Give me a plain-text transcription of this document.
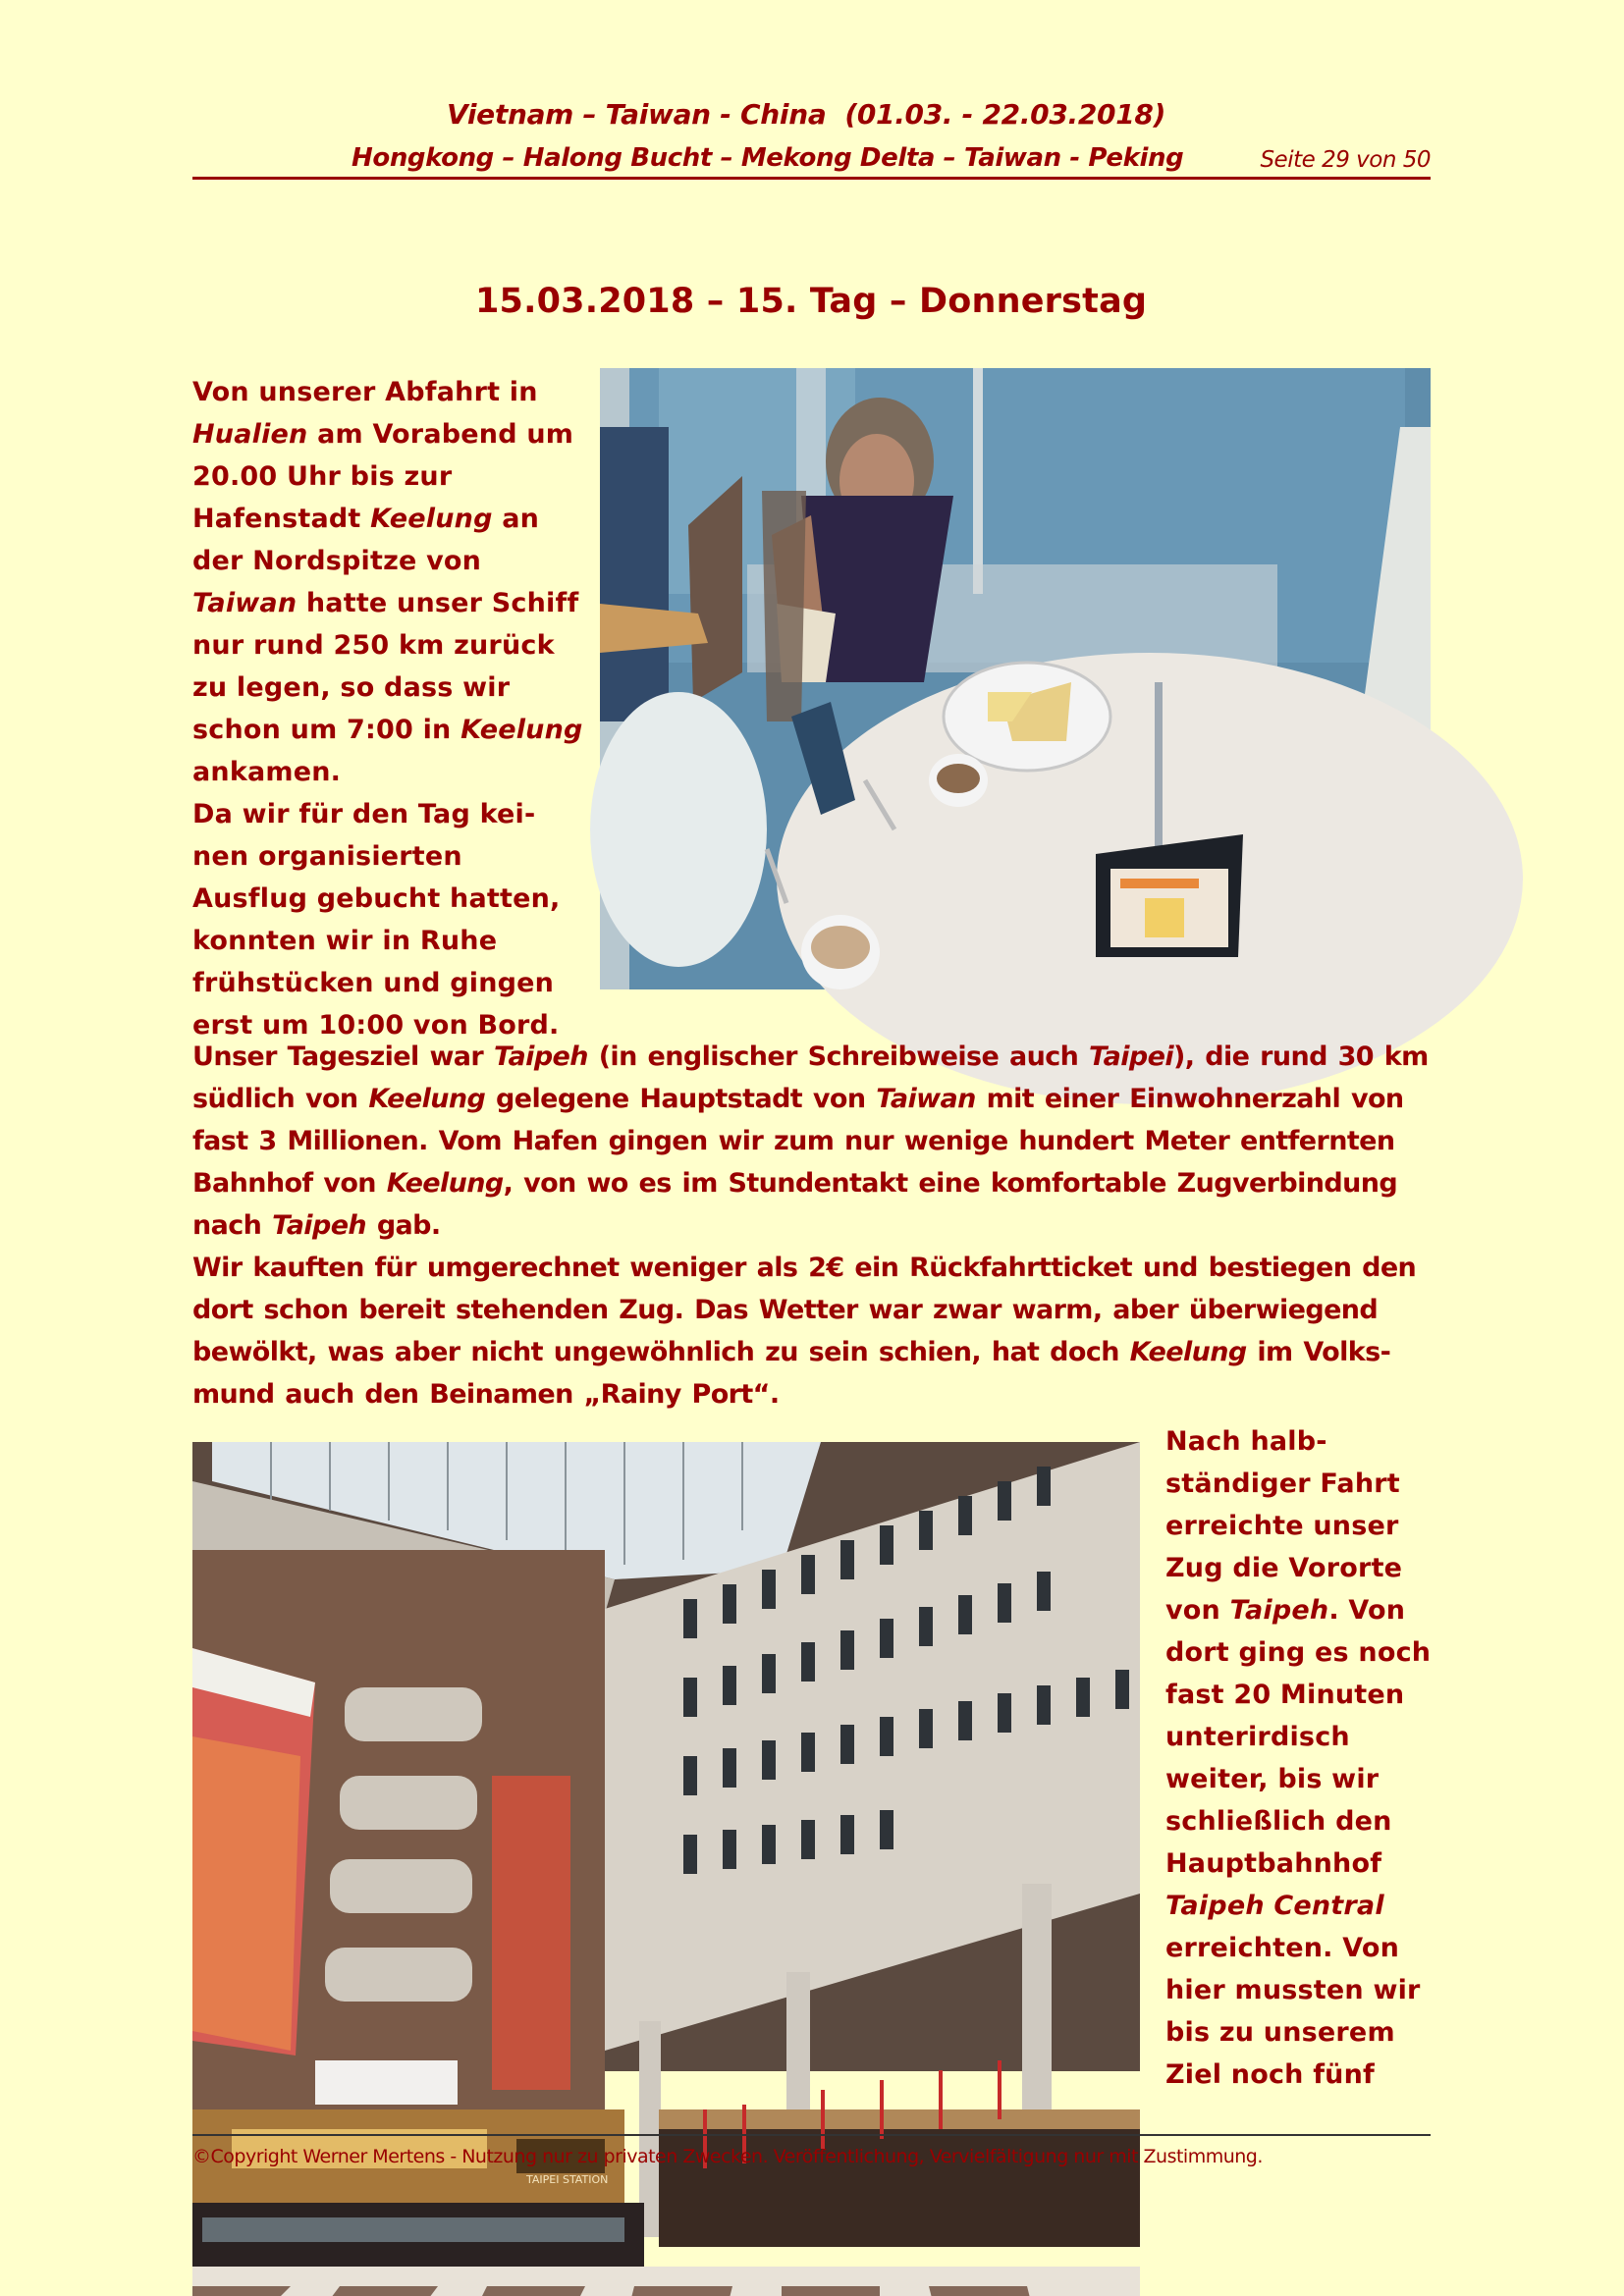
Vietnam – Taiwan - China  (01.03. - 22.03.2018)
Hongkong – Halong Bucht – Mekong Delta – Taiwan - Peking	Seite 29 von 50
15.03.2018 – 15. Tag – Donnerstag

Von unserer Abfahrt in Hualien am Vorabend um 20.00 Uhr bis zur Hafenstadt Keelung an der Nordspitze von Taiwan hatte unser Schiff nur rund 250 km zurück zu legen, so dass wir schon um 7:00 in Keelung ankamen.

Da wir für den Tag kei-nen organisierten Ausflug gebucht hatten, konnten wir in Ruhe frühstücken und gingen erst um 10:00 von Bord.

Unser Tagesziel war Taipeh (in englischer Schreibweise auch Taipei), die rund 30 km südlich von Keelung gelegene Hauptstadt von Taiwan mit einer Einwohnerzahl von fast 3 Millionen. Vom Hafen gingen wir zum nur wenige hundert Meter entfernten Bahnhof von Keelung, von wo es im Stundentakt eine komfortable Zugverbindung nach Taipeh gab.

Wir kauften für umgerechnet weniger als 2€ ein Rückfahrtticket und bestiegen den dort schon bereit stehenden Zug. Das Wetter war zwar warm, aber überwiegend bewölkt, was aber nicht ungewöhnlich zu sein schien, hat doch Keelung im Volks-mund auch den Beinamen „Rainy Port“.

TAIPEI STATION

Nach halb-ständiger Fahrt erreichte unser Zug die Vororte von Taipeh. Von dort ging es noch fast 20 Minuten unterirdisch weiter, bis wir schließlich den Hauptbahnhof Taipeh Central erreichten. Von hier mussten wir bis zu unserem Ziel noch fünf

©Copyright Werner Mertens - Nutzung nur zu privaten Zwecken. Veröffentlichung, Vervielfältigung nur mit Zustimmung.
